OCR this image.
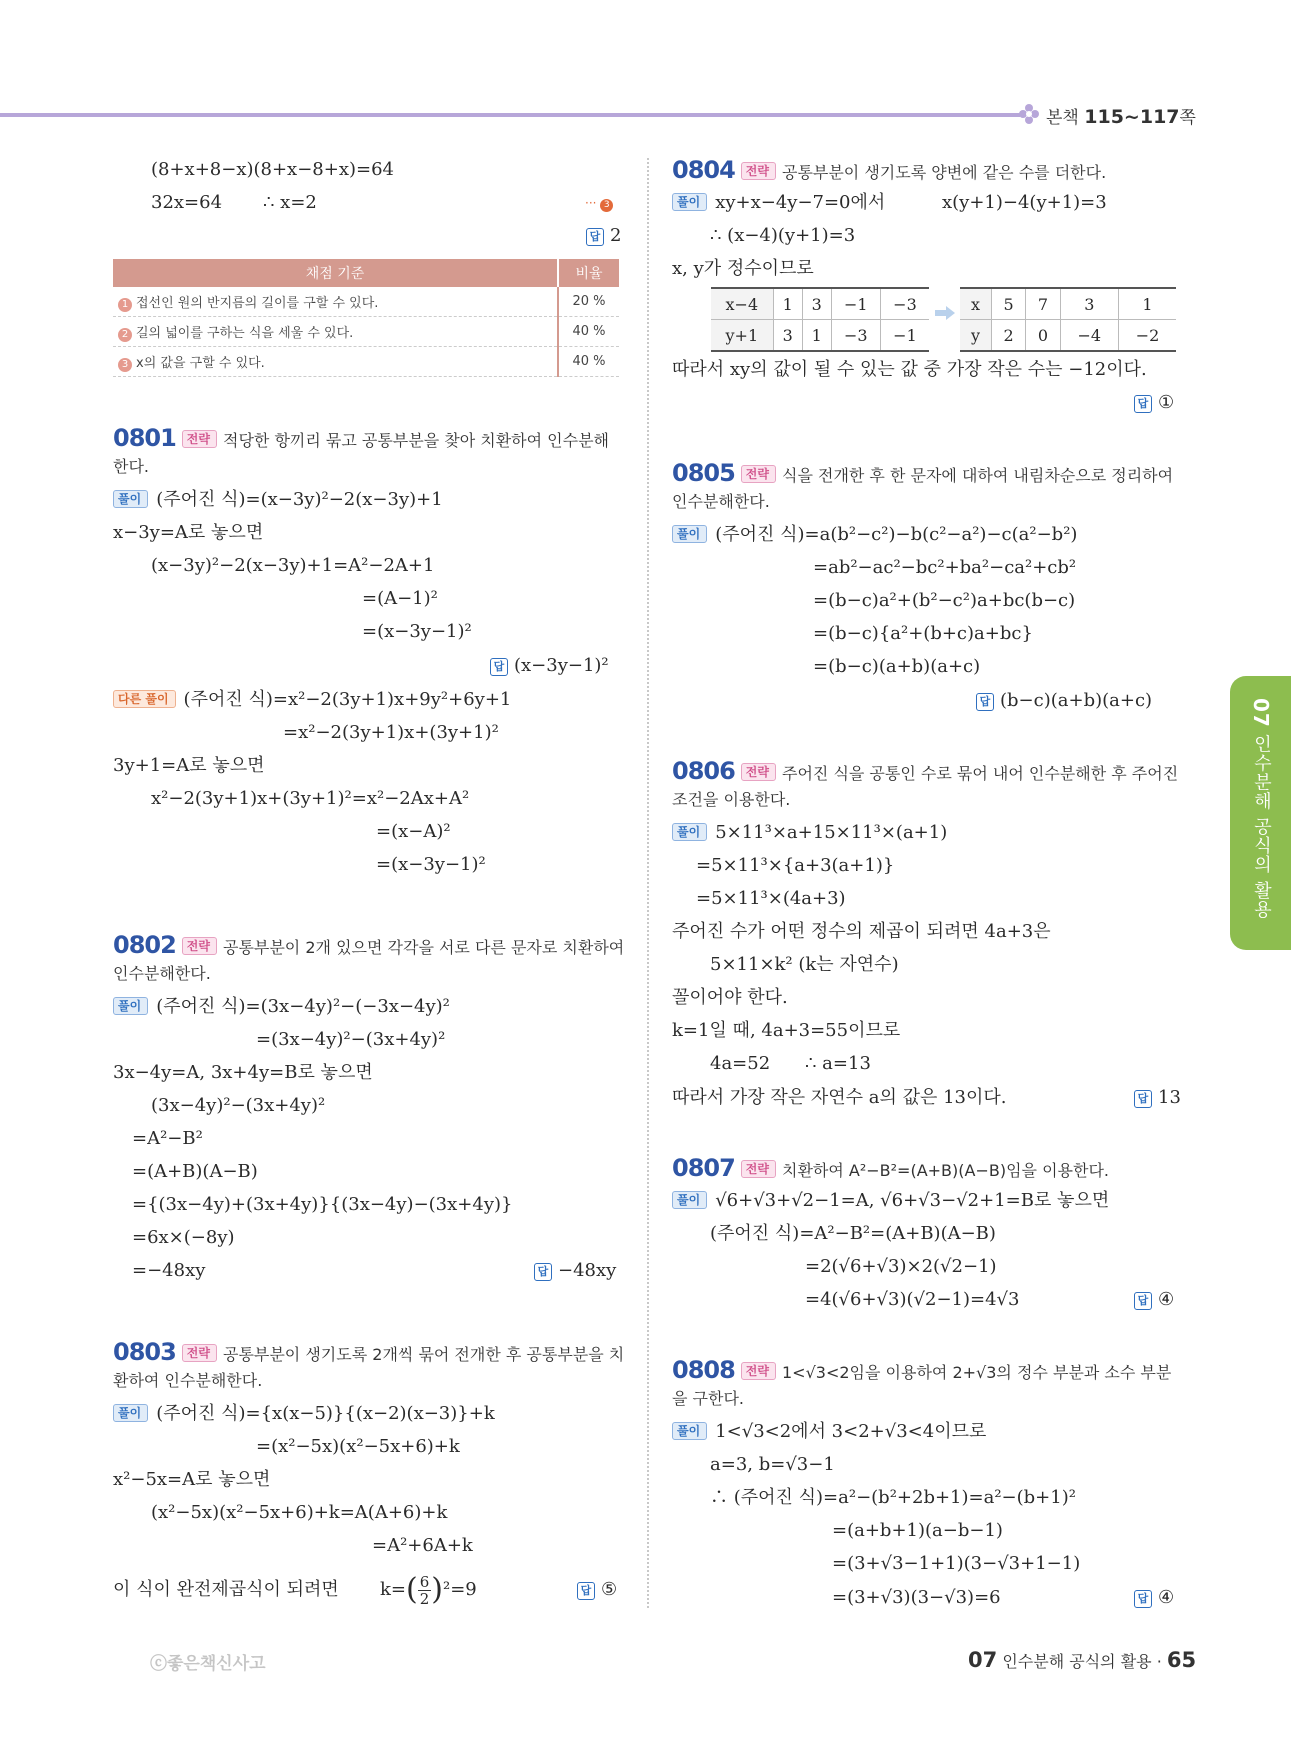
본책 115~117쪽
(8+x+8−x)(8+x−8+x)=64
32x=64 ∴ x=2	··· 3
답 2
채점 기준	비율
1 접선인 원의 반지름의 길이를 구할 수 있다.	20 %
2 길의 넓이를 구하는 식을 세울 수 있다.	40 %
3 x의 값을 구할 수 있다.	40 %
0801 전략 적당한 항끼리 묶고 공통부분을 찾아 치환하여 인수분해
한다.
풀이 (주어진 식)=(x−3y)²−2(x−3y)+1
x−3y=A로 놓으면
(x−3y)²−2(x−3y)+1=A²−2A+1
=(A−1)²
=(x−3y−1)²
답 (x−3y−1)²
다른 풀이 (주어진 식)=x²−2(3y+1)x+9y²+6y+1
=x²−2(3y+1)x+(3y+1)²
3y+1=A로 놓으면
x²−2(3y+1)x+(3y+1)²=x²−2Ax+A²
=(x−A)²
=(x−3y−1)²
0802 전략 공통부분이 2개 있으면 각각을 서로 다른 문자로 치환하여
인수분해한다.
풀이 (주어진 식)=(3x−4y)²−(−3x−4y)²
=(3x−4y)²−(3x+4y)²
3x−4y=A, 3x+4y=B로 놓으면
(3x−4y)²−(3x+4y)²
=A²−B²
=(A+B)(A−B)
={(3x−4y)+(3x+4y)}{(3x−4y)−(3x+4y)}
=6x×(−8y)
=−48xy	답 −48xy
0803 전략 공통부분이 생기도록 2개씩 묶어 전개한 후 공통부분을 치
환하여 인수분해한다.
풀이 (주어진 식)={x(x−5)}{(x−2)(x−3)}+k
=(x²−5x)(x²−5x+6)+k
x²−5x=A로 놓으면
(x²−5x)(x²−5x+6)+k=A(A+6)+k
=A²+6A+k
이 식이 완전제곱식이 되려면 $k=( \frac{6}{2} )^2=9$	답 ⑤
0804 전략 공통부분이 생기도록 양변에 같은 수를 더한다.
풀이 xy+x−4y−7=0에서	x(y+1)−4(y+1)=3
∴ (x−4)(y+1)=3
x, y가 정수이므로
x−4	1	3	−1	−3
y+1	3	1	−3	−1
x	5	7	3	1
y	2	0	−4	−2
따라서 xy의 값이 될 수 있는 값 중 가장 작은 수는 −12이다.
답 ①
0805 전략 식을 전개한 후 한 문자에 대하여 내림차순으로 정리하여
인수분해한다.
풀이 (주어진 식)=a(b²−c²)−b(c²−a²)−c(a²−b²)
=ab²−ac²−bc²+ba²−ca²+cb²
=(b−c)a²+(b²−c²)a+bc(b−c)
=(b−c){a²+(b+c)a+bc}
=(b−c)(a+b)(a+c)
답 (b−c)(a+b)(a+c)
0806 전략 주어진 식을 공통인 수로 묶어 내어 인수분해한 후 주어진
조건을 이용한다.
풀이 5×11³×a+15×11³×(a+1)
=5×11³×{a+3(a+1)}
=5×11³×(4a+3)
주어진 수가 어떤 정수의 제곱이 되려면 4a+3은
5×11×k² (k는 자연수)
꼴이어야 한다.
k=1일 때, 4a+3=55이므로
4a=52 ∴ a=13
따라서 가장 작은 자연수 a의 값은 13이다.	답 13
0807 전략 치환하여 A²−B²=(A+B)(A−B)임을 이용한다.
풀이 √6+√3+√2−1=A, √6+√3−√2+1=B로 놓으면
(주어진 식)=A²−B²=(A+B)(A−B)
=2(√6+√3)×2(√2−1)
=4(√6+√3)(√2−1)=4√3	답 ④
0808 전략 1<√3<2임을 이용하여 2+√3의 정수 부분과 소수 부분
을 구한다.
풀이 1<√3<2에서 3<2+√3<4이므로
a=3, b=√3−1
∴ (주어진 식)=a²−(b²+2b+1)=a²−(b+1)²
=(a+b+1)(a−b−1)
=(3+√3−1+1)(3−√3+1−1)
=(3+√3)(3−√3)=6	답 ④
07 인수분해 공식의 활용
ⓒ좋은책신사고	07 인수분해 공식의 활용 · 65
